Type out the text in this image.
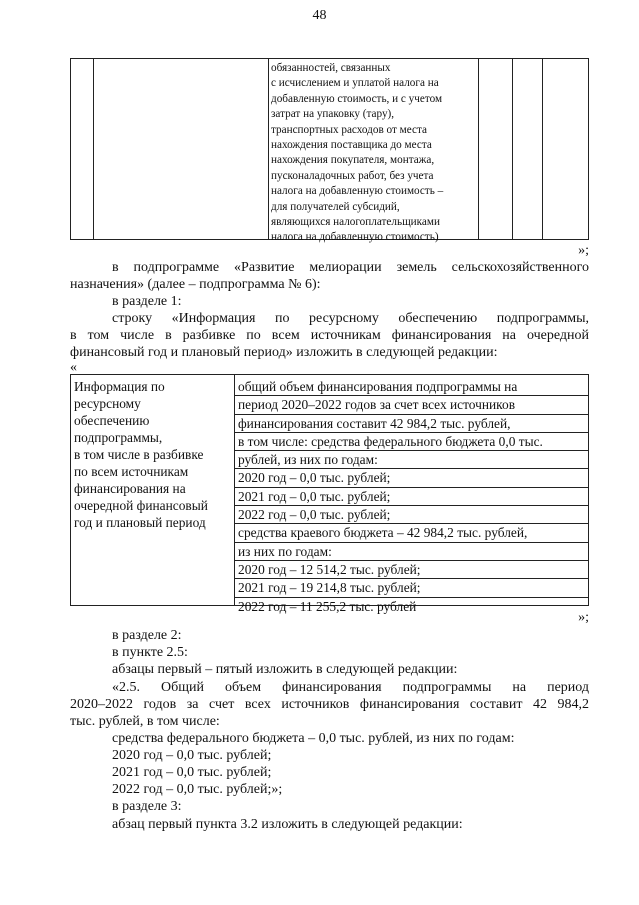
48
обязанностей, связанных
с исчислением и уплатой налога на
добавленную стоимость, и с учетом
затрат на упаковку (тару),
транспортных расходов от места
нахождения поставщика до места
нахождения покупателя, монтажа,
пусконаладочных работ, без учета
налога на добавленную стоимость –
для получателей субсидий,
являющихся налогоплательщиками
налога на добавленную стоимость)
»;
в подпрограмме «Развитие мелиорации земель сельскохозяйственного
назначения» (далее – подпрограмма № 6):
в разделе 1:
строку «Информация по ресурсному обеспечению подпрограммы,
в том числе в разбивке по всем источникам финансирования на очередной
финансовый год и плановый период» изложить в следующей редакции:
«
Информация по
ресурсному
обеспечению
подпрограммы,
в том числе в разбивке
по всем источникам
финансирования на
очередной финансовый
год и плановый период
общий объем финансирования подпрограммы на
период 2020–2022 годов за счет всех источников
финансирования составит 42 984,2 тыс. рублей,
в том числе: средства федерального бюджета 0,0 тыс.
рублей, из них по годам:
2020 год – 0,0 тыс. рублей;
2021 год – 0,0 тыс. рублей;
2022 год – 0,0 тыс. рублей;
средства краевого бюджета – 42 984,2 тыс. рублей,
из них по годам:
2020 год – 12 514,2 тыс. рублей;
2021 год – 19 214,8 тыс. рублей;
2022 год – 11 255,2 тыс. рублей
»;
в разделе 2:
в пункте 2.5:
абзацы первый – пятый изложить в следующей редакции:
«2.5. Общий объем финансирования подпрограммы на период
2020–2022 годов за счет всех источников финансирования составит 42 984,2
тыс. рублей, в том числе:
средства федерального бюджета – 0,0 тыс. рублей, из них по годам:
2020 год – 0,0 тыс. рублей;
2021 год – 0,0 тыс. рублей;
2022 год – 0,0 тыс. рублей;»;
в разделе 3:
абзац первый пункта 3.2 изложить в следующей редакции:
